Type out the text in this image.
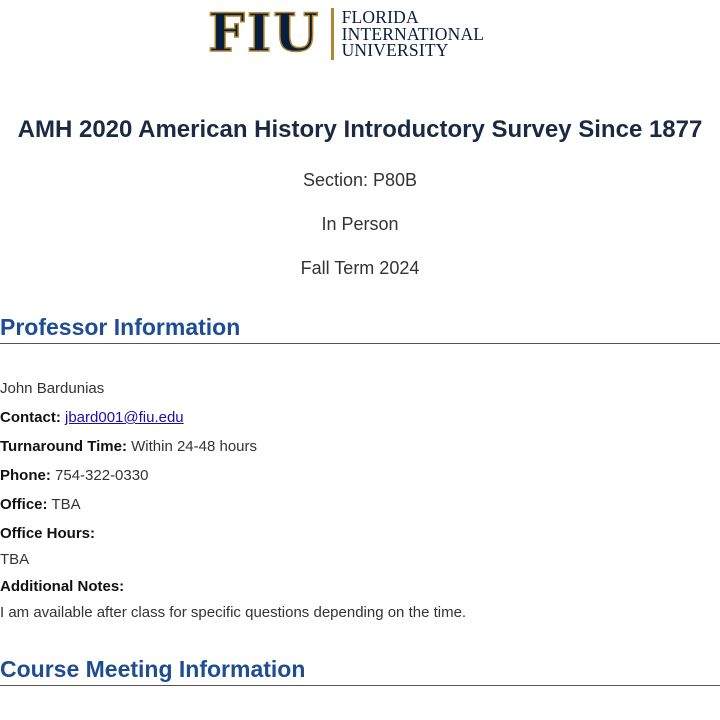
FIU FLORIDA
INTERNATIONAL
UNIVERSITY
AMH 2020 American History Introductory Survey Since 1877

Section: P80B

In Person

Fall Term 2024

Professor Information

John Bardunias

Contact: jbard001@fiu.edu

Turnaround Time: Within 24-48 hours

Phone: 754-322-0330

Office: TBA

Office Hours:

TBA

Additional Notes:

I am available after class for specific questions depending on the time.

Course Meeting Information
